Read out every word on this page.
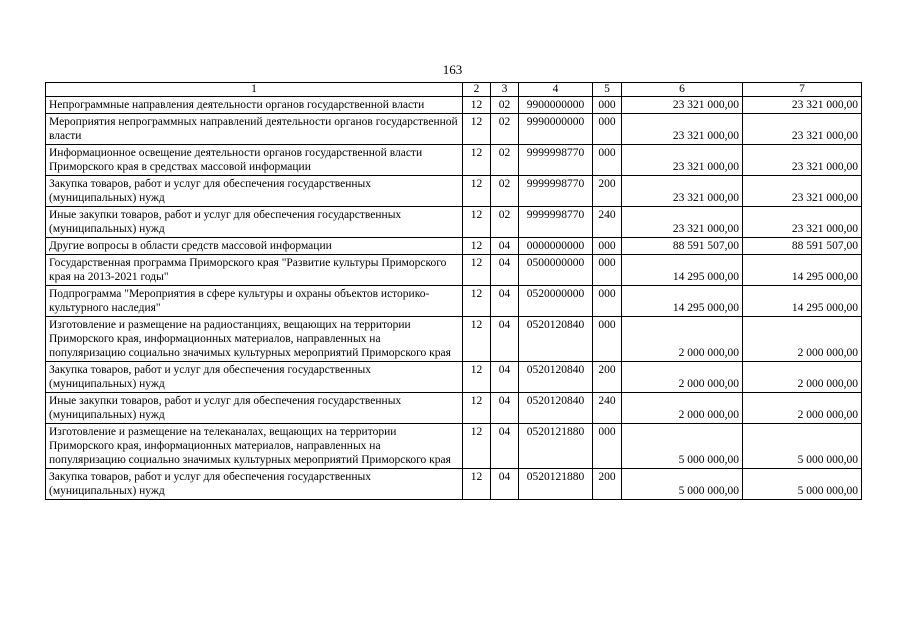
163
1	2	3	4	5	6	7
Непрограммные направления деятельности органов государственной власти	12	02	9900000000	000	23 321 000,00	23 321 000,00
Мероприятия непрограммных направлений деятельности органов государственной власти	12	02	9990000000	000	23 321 000,00	23 321 000,00
Информационное освещение деятельности органов государственной власти Приморского края в средствах массовой информации	12	02	9999998770	000	23 321 000,00	23 321 000,00
Закупка товаров, работ и услуг для обеспечения государственных (муниципальных) нужд	12	02	9999998770	200	23 321 000,00	23 321 000,00
Иные закупки товаров, работ и услуг для обеспечения государственных (муниципальных) нужд	12	02	9999998770	240	23 321 000,00	23 321 000,00
Другие вопросы в области средств массовой информации	12	04	0000000000	000	88 591 507,00	88 591 507,00
Государственная программа Приморского края "Развитие культуры Приморского края на 2013-2021 годы"	12	04	0500000000	000	14 295 000,00	14 295 000,00
Подпрограмма "Мероприятия в сфере культуры и охраны объектов историко-культурного наследия"	12	04	0520000000	000	14 295 000,00	14 295 000,00
Изготовление и размещение на радиостанциях, вещающих на территории Приморского края, информационных материалов, направленных на популяризацию социально значимых культурных мероприятий Приморского края	12	04	0520120840	000	2 000 000,00	2 000 000,00
Закупка товаров, работ и услуг для обеспечения государственных (муниципальных) нужд	12	04	0520120840	200	2 000 000,00	2 000 000,00
Иные закупки товаров, работ и услуг для обеспечения государственных (муниципальных) нужд	12	04	0520120840	240	2 000 000,00	2 000 000,00
Изготовление и размещение на телеканалах, вещающих на территории Приморского края, информационных материалов, направленных на популяризацию социально значимых культурных мероприятий Приморского края	12	04	0520121880	000	5 000 000,00	5 000 000,00
Закупка товаров, работ и услуг для обеспечения государственных (муниципальных) нужд	12	04	0520121880	200	5 000 000,00	5 000 000,00
